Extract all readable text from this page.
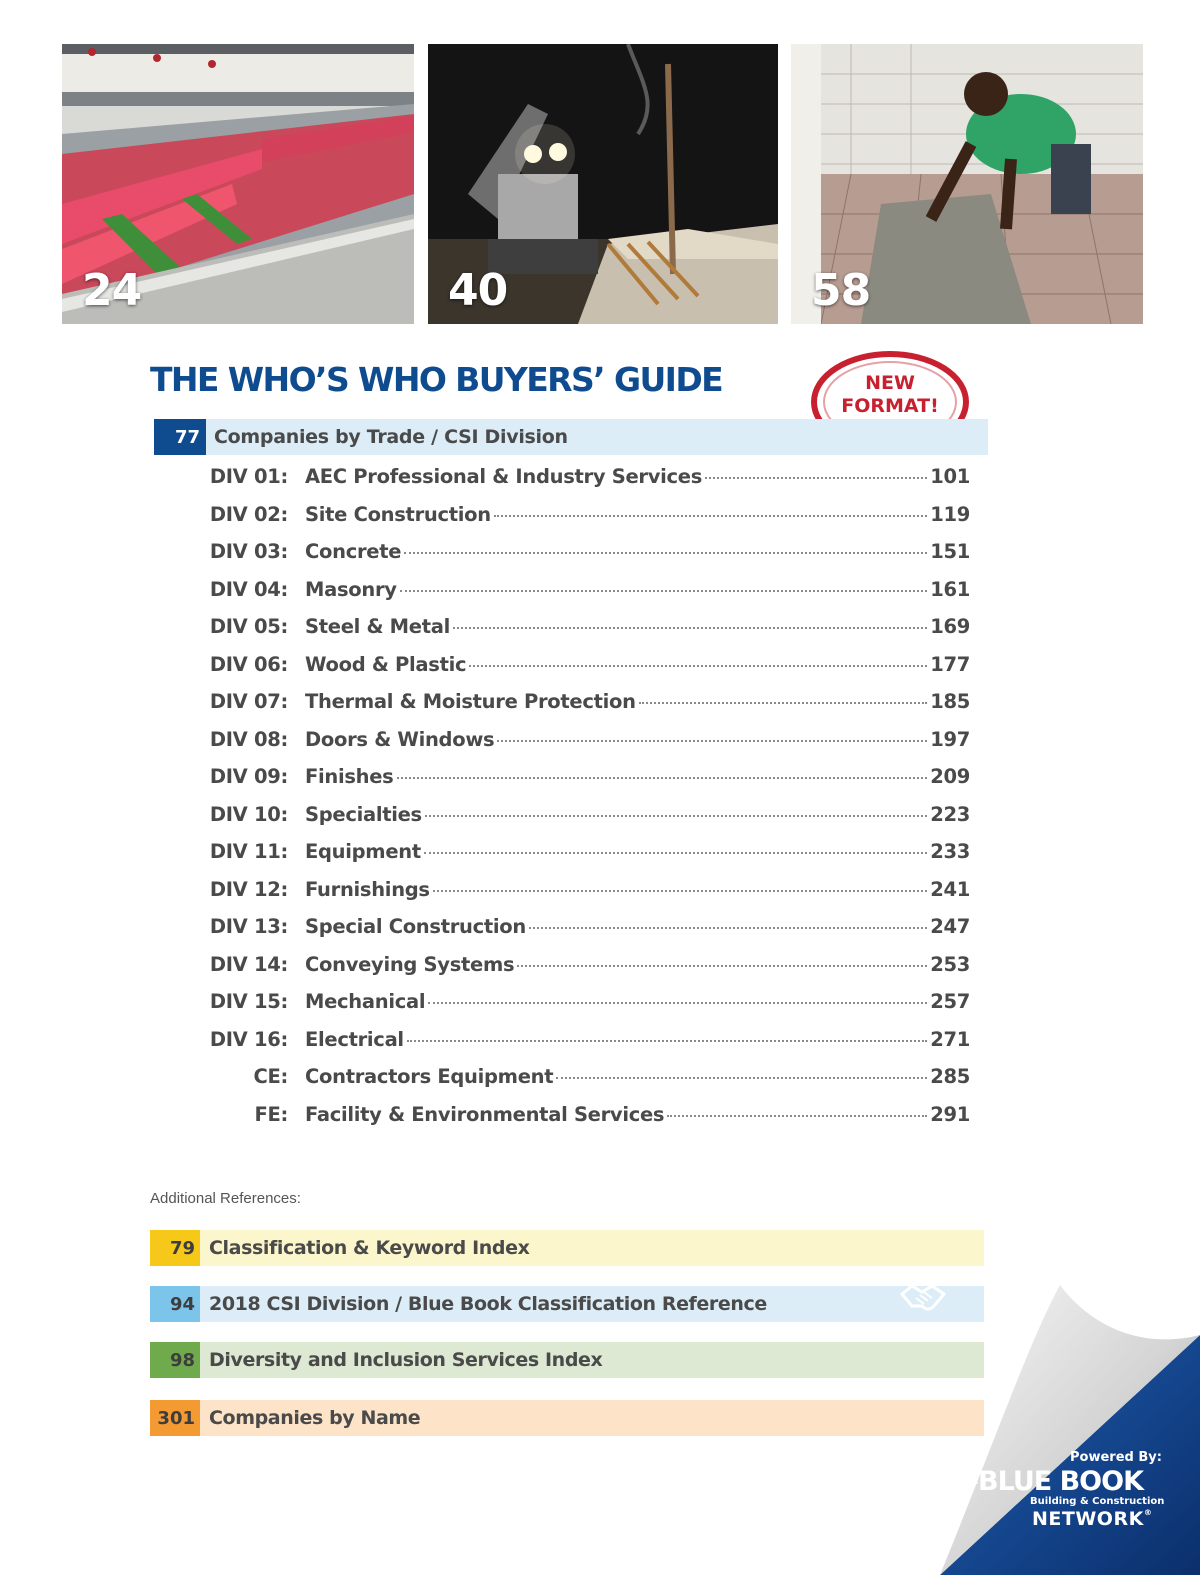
24	40	58
THE WHO’S WHO BUYERS’ GUIDE	NEW
FORMAT!
77 Companies by Trade / CSI Division
DIV 01: AEC Professional & Industry Services	101
DIV 02: Site Construction	119
DIV 03: Concrete	151
DIV 04: Masonry	161
DIV 05: Steel & Metal	169
DIV 06: Wood & Plastic	177
DIV 07: Thermal & Moisture Protection	185
DIV 08: Doors & Windows	197
DIV 09: Finishes	209
DIV 10: Specialties	223
DIV 11: Equipment	233
DIV 12: Furnishings	241
DIV 13: Special Construction	247
DIV 14: Conveying Systems	253
DIV 15: Mechanical	257
DIV 16: Electrical	271
CE: Contractors Equipment	285
FE: Facility & Environmental Services	291
Additional References:
79 Classification & Keyword Index
94 2018 CSI Division / Blue Book Classification Reference
98 Diversity and Inclusion Services Index
301 Companies by Name
Powered By:
THE
BLUE BOOK
Building & Construction
NETWORK®
